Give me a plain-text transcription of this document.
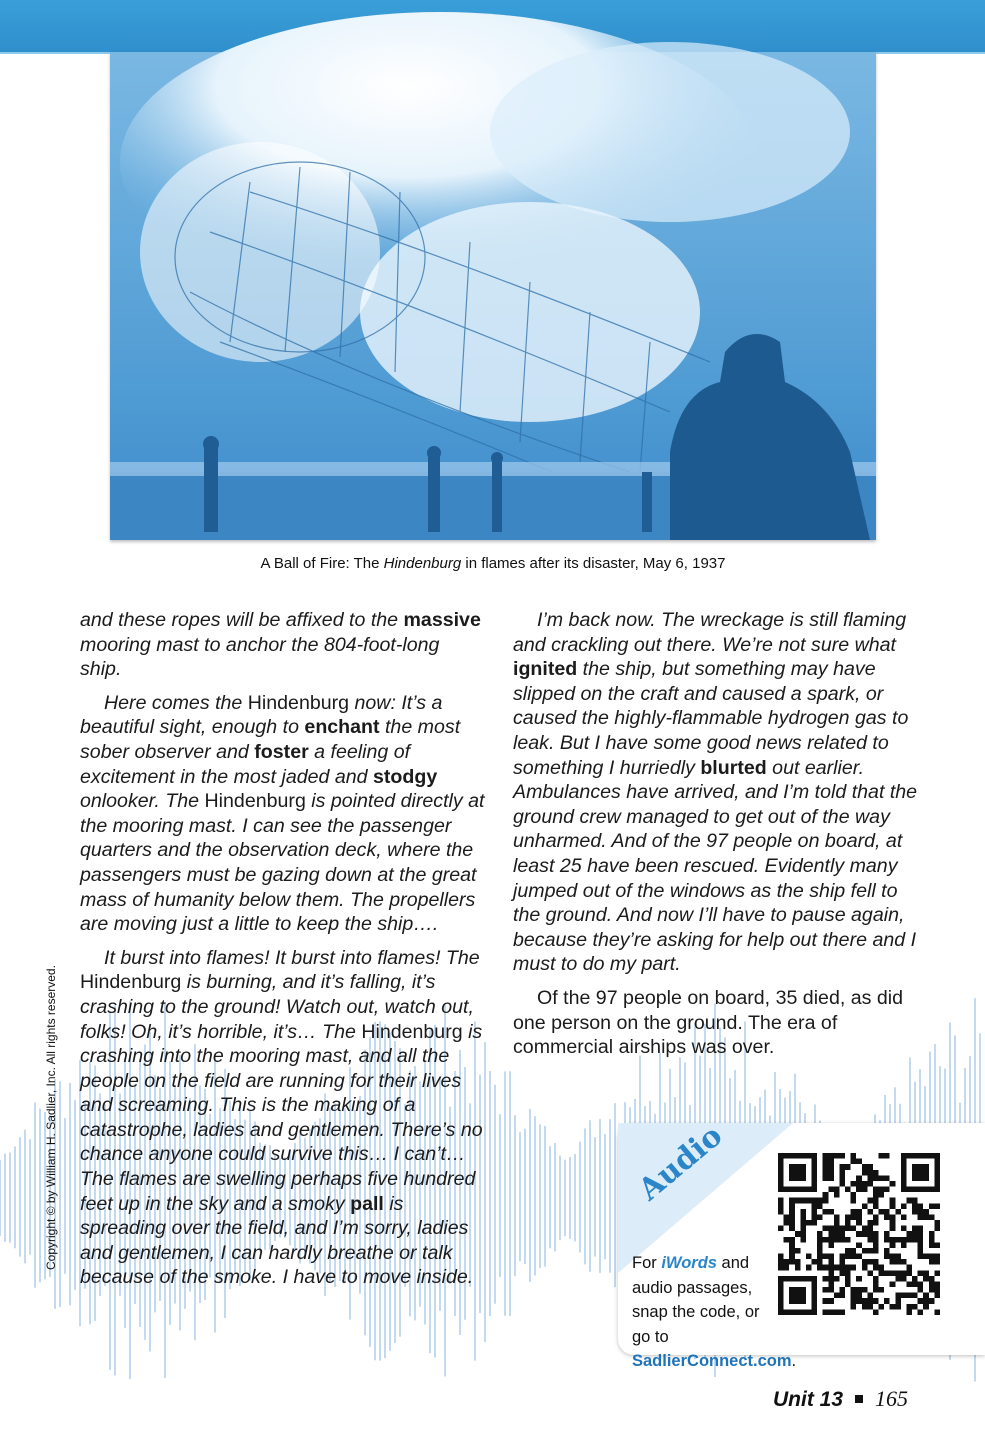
A Ball of Fire: The Hindenburg in flames after its disaster, May 6, 1937
Copyright © by William H. Sadlier, Inc. All rights reserved.

and these ropes will be affixed to the massive mooring mast to anchor the 804-foot-long ship.

Here comes the Hindenburg now: It’s a beautiful sight, enough to enchant the most sober observer and foster a feeling of excitement in the most jaded and stodgy onlooker. The Hindenburg is pointed directly at the mooring mast. I can see the passenger quarters and the observation deck, where the passengers must be gazing down at the great mass of humanity below them. The propellers are moving just a little to keep the ship….

It burst into flames! It burst into flames! The Hindenburg is burning, and it’s falling, it’s crashing to the ground! Watch out, watch out, folks! Oh, it’s horrible, it’s… The Hindenburg is crashing into the mooring mast, and all the people on the field are running for their lives and screaming. This is the making of a catastrophe, ladies and gentlemen. There’s no chance anyone could survive this… I can’t… The flames are swelling perhaps five hundred feet up in the sky and a smoky pall is spreading over the field, and I’m sorry, ladies and gentlemen, I can hardly breathe or talk because of the smoke. I have to move inside.

I’m back now. The wreckage is still flaming and crackling out there. We’re not sure what ignited the ship, but something may have slipped on the craft and caused a spark, or caused the highly-flammable hydrogen gas to leak. But I have some good news related to something I hurriedly blurted out earlier. Ambulances have arrived, and I’m told that the ground crew managed to get out of the way unharmed. And of the 97 people on board, at least 25 have been rescued. Evidently many jumped out of the windows as the ship fell to the ground. And now I’ll have to pause again, because they’re asking for help out there and I must to do my part.

Of the 97 people on board, 35 died, as did one person on the ground. The era of commercial airships was over.

Audio
For iWords and audio passages, snap the code, or go to SadlierConnect.com.
Unit 13 165
